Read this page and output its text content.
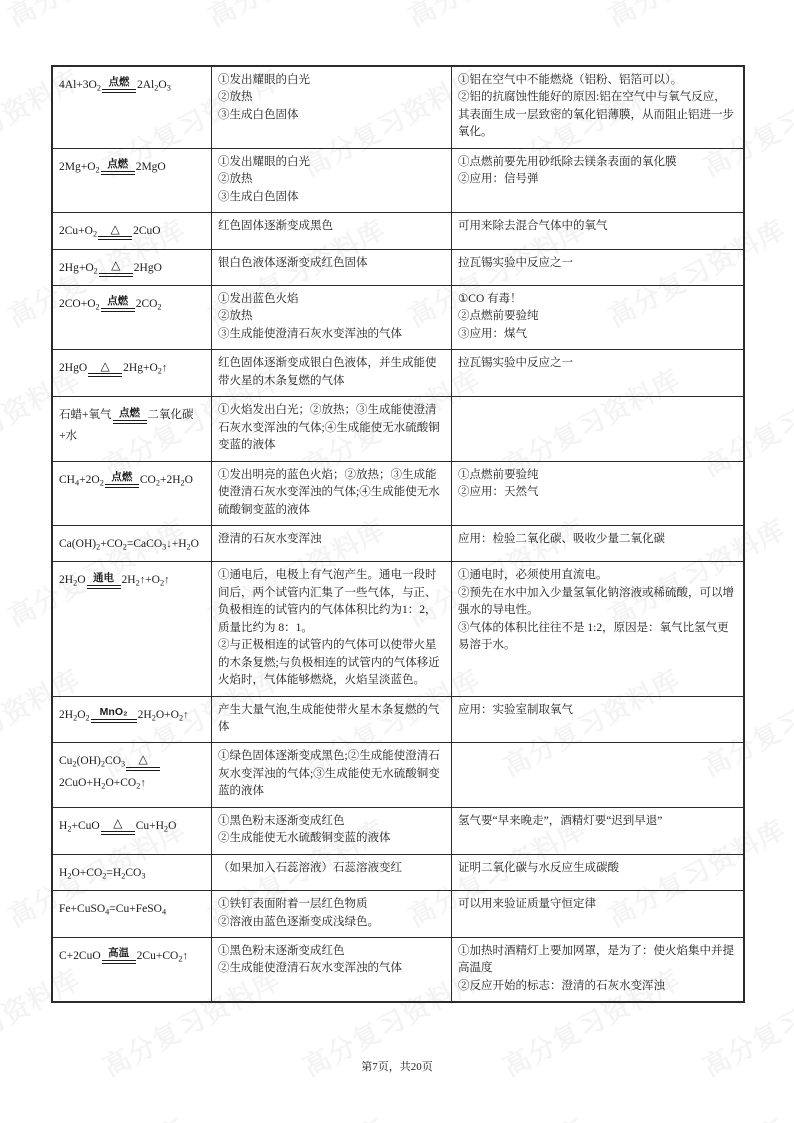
$4Al+3O_2$ 点燃 $2Al_2O_3$	①发出耀眼的白光
②放热
③生成白色固体	①铝在空气中不能燃烧（铝粉、铝箔可以）。
②铝的抗腐蚀性能好的原因:铝在空气中与氧气反应，其表面生成一层致密的氧化铝薄膜，从而阻止铝进一步氧化。

$2Mg+O_2$ 点燃 2MgO	①发出耀眼的白光
②放热
③生成白色固体	①点燃前要先用砂纸除去镁条表面的氧化膜
②应用：信号弹

$2Cu+O_2$ △ 2CuO	红色固体逐渐变成黑色	可用来除去混合气体中的氧气

$2Hg+O_2$ △ 2HgO	银白色液体逐渐变成红色固体	拉瓦锡实验中反应之一

$2CO+O_2$ 点燃 $2CO_2$	①发出蓝色火焰
②放热
③生成能使澄清石灰水变浑浊的气体	①CO 有毒！
②点燃前要验纯
③应用：煤气

2HgO △ $2Hg+O_2↑$	红色固体逐渐变成银白色液体，并生成能使带火星的木条复燃的气体	拉瓦锡实验中反应之一

石蜡+氧气 点燃 二氧化碳+水	①火焰发出白光；②放热；③生成能使澄清石灰水变浑浊的气体;④生成能使无水硫酸铜变蓝的液体	

$CH_4+2O_2$ 点燃 $CO_2+2H_2O$	①发出明亮的蓝色火焰；②放热；③生成能使澄清石灰水变浑浊的气体;④生成能使无水硫酸铜变蓝的液体	①点燃前要验纯
②应用：天然气

$Ca(OH)_2+CO_2=CaCO_3↓+H_2O$	澄清的石灰水变浑浊	应用：检验二氧化碳、吸收少量二氧化碳

$2H_2O$ 通电 $2H_2↑+O_2↑$	①通电后，电极上有气泡产生。通电一段时间后，两个试管内汇集了一些气体，与正、负极相连的试管内的气体体积比约为1：2，质量比约为 8：1。
②与正极相连的试管内的气体可以使带火星的木条复燃;与负极相连的试管内的气体移近火焰时，气体能够燃烧，火焰呈淡蓝色。	①通电时，必须使用直流电。
②预先在水中加入少量氢氧化钠溶液或稀硫酸，可以增强水的导电性。
③气体的体积比往往不是 1:2，原因是：氧气比氢气更易溶于水。

$2H_2O_2$ MnO₂ $2H_2O+O_2↑$	产生大量气泡,生成能使带火星木条复燃的气体	应用：实验室制取氧气

$Cu_2(OH)_2CO_3$ △
$2CuO+H_2O+CO_2↑$	①绿色固体逐渐变成黑色;②生成能使澄清石灰水变浑浊的气体;③生成能使无水硫酸铜变蓝的液体	

$H_2+CuO$ △ $Cu+H_2O$	①黑色粉末逐渐变成红色
②生成能使无水硫酸铜变蓝的液体	氢气要“早来晚走”，酒精灯要“迟到早退”

$H_2O+CO_2=H_2CO_3$	（如果加入石蕊溶液）石蕊溶液变红	证明二氧化碳与水反应生成碳酸

Fe+CuSO$_4$=Cu+FeSO$_4$	①铁钉表面附着一层红色物质
②溶液由蓝色逐渐变成浅绿色。	可以用来验证质量守恒定律

C+2CuO 高温 $2Cu+CO_2↑$	①黑色粉末逐渐变成红色
②生成能使澄清石灰水变浑浊的气体	①加热时酒精灯上要加网罩，是为了：使火焰集中并提高温度
②反应开始的标志：澄清的石灰水变浑浊
第7页，共20页
